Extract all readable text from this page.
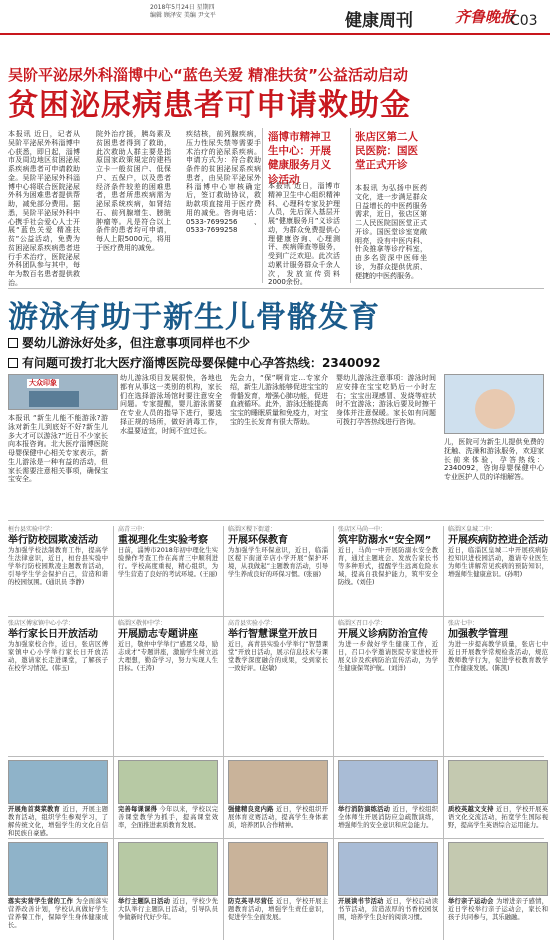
2018年5月24日 星期四
编辑 顾泽安 美编 尹文平	健康周刊	齐鲁晚报
C03
吴阶平泌尿外科淄博中心“蓝色关爱 精准扶贫”公益活动启动
贫困泌尿病患者可申请救助金
本报讯 近日，记者从吴阶平泌尿外科淄博中心获悉，即日起，淄博市及周边地区贫困泌尿系疾病患者可申请救助金。吴阶平泌尿外科淄博中心将联合医院泌尿外科为困难患者提供帮助，减免部分费用。据悉，吴阶平泌尿外科中心携手社会爱心人士开展“蓝色关爱 精准扶贫”公益活动，免费为贫困泌尿系疾病患者进行手术治疗，医院泌尿外科团队参与其中，每年为数百名患者提供救治。
院外治疗援，胰岛素及贫困患者得到了救助，此次救助人群主要是指原国家政策規定的建档立卡一般贫困户、低保户、五保户，以及患者经济条件较差的困难患者，患者所患疾病需为泌尿系统疾病，如肾结石、前列腺增生、膀胱肿瘤等。凡是符合以上条件的患者均可申请，每人上限5000元，将用于医疗费用的减免。
疾结核，前列腺疾病，压力性尿失禁等需要手术治疗的泌尿系疾病。申请方式为：符合救助条件的贫困泌尿系疾病患者，由吴阶平泌尿外科淄博中心审核确定后，签订救助协议，救助款项直接用于医疗费用的减免。咨询电话：0533-7699256、0533-7699258
淄博市精神卫生中心：开展健康服务月义诊活动
本报讯 近日，淄博市精神卫生中心组织精神科、心理科专家及护理人员，先后深入基层开展“健康服务月”义诊活动，为群众免费提供心理健康咨询、心理测评、疾病筛查等服务，受到广泛欢迎。此次活动累计服务群众千余人次，发放宣传资料2000余份。
张店区第二人民医院：国医堂正式开诊
本报讯 为弘扬中医药文化，进一步满足群众日益增长的中医药服务需求，近日，张店区第二人民医院国医堂正式开诊。国医堂诊室宽敞明亮，设有中医内科、针灸推拿等诊疗科室，由多名资深中医师坐诊，为群众提供优质、便捷的中医药服务。
游泳有助于新生儿骨骼发育
婴幼儿游泳好处多，但注意事项同样也不少
有问题可拨打北大医疗淄博医院母婴保健中心孕答热线：2340092
大众印象
本报讯 “新生儿能不能游泳?游泳对新生儿到底好不好?新生儿多大才可以游泳?”近日不少家长向本报咨询。北大医疗淄博医院母婴保健中心相关专家表示，新生儿游泳是一种有益的活动，但家长需要注意相关事项，确保宝宝安全。
幼儿游泳项目发展很快，各地也都有从事这一类别的机构，家长们在选择游泳场馆时要注意安全问题。专家提醒，婴儿游泳需要在专业人员的指导下进行，要选择正规的场所，做好消毒工作，水温要适宜，时间不宜过长。
先会力，“保”啊肯定…专家介绍，新生儿游泳能够促进宝宝的骨骼发育，增强心肺功能，促进血液循环。此外，游泳还能提高宝宝的睡眠质量和免疫力，对宝宝的生长发育有很大帮助。
婴幼儿游泳注意事项：游泳时间应安排在宝宝吃奶后一小时左右；宝宝出现感冒、发烧等症状时不宜游泳；游泳后要及时擦干身体并注意保暖。家长如有问题可拨打孕答热线进行咨询。
儿，医院可为新生儿提供免费的抚触、洗澡和游泳服务，欢迎家长前来体验，孕答热线：2340092，咨询母婴保健中心专业医护人员的详细解答。
桓台县实验中学：
举行防校园欺凌活动
为加强学校法制教育工作，提高学生法律意识，近日，桓台县实验中学举行防校园欺凌主题教育活动，引导学生学会保护自己，营造和谐的校园氛围。(通讯员 李静)
高青三中：
重视理化生实验考察
日前，淄博市2018年初中理化生实验操作考查工作在高青三中顺利进行。学校高度重视，精心组织，为学生营造了良好的考试环境。(王丽)
临淄区稷下街道：
开展环保教育
为加强学生环保意识，近日，临淄区稷下街道辛店小学开展“保护环境，从我做起”主题教育活动，引导学生养成良好的环保习惯。(张丽)
张店区马尚一中：
筑牢防溺水“安全网”
近日，马尚一中开展防溺水安全教育，通过主题班会、发放告家长书等多种形式，提醒学生远离危险水域，提高自我保护能力，筑牢安全防线。(刘佳)
临淄区皇城二中：
开展疾病防控进企活动
近日，临淄区皇城二中开展疾病防控知识进校园活动，邀请专业医生为师生讲解常见疾病的预防知识，增强师生健康意识。(孙明)
张店区傅家镇中心小学：
举行家长日开放活动
为加强家校合作，近日，张店区傅家镇中心小学举行家长日开放活动，邀请家长走进课堂，了解孩子在校学习情况。(韩玉)
临淄区敬仲中学：
开展励志专题讲座
近日，敬仲中学举行“感恩父母，励志成才”专题讲座，激励学生树立远大理想，勤奋学习，努力实现人生目标。(王涛)
高青县实验小学：
举行智慧课堂开放日
近日，高青县实验小学举行“智慧课堂”开放日活动，展示信息技术与课堂教学深度融合的成果，受到家长一致好评。(赵敏)
临淄区召口小学：
开展义诊病防治宣传
为进一步做好学生健康工作，近日，召口小学邀请医院专家进校开展义诊及疾病防治宣传活动，为学生健康保驾护航。(刘洋)
张店七中：
加强教学管理
为进一步提高教学质量，张店七中近日开展教学常规检查活动，规范教师教学行为，促进学校教育教学工作健康发展。(陈凯)
开展角首葵菜教育 近日，开展主题教育活动，组织学生参观学习，了解传统文化，增强学生的文化自信和民族自豪感。
完善每课课得 今年以来，学校以完善课堂教学为抓手，提高课堂效率，全面推进素质教育发展。
强健精良竞内路 近日，学校组织开展体育竞赛活动，提高学生身体素质，培养团队合作精神。
举行消防演练活动 近日，学校组织全体师生开展消防应急疏散演练，增强师生的安全意识和应急能力。
质校英越文支持 近日，学校开展英语文化交流活动，拓宽学生国际视野，提高学生英语综合运用能力。
落实实营学生营的工作 为全面落实营养改善计划，学校认真做好学生营养餐工作，保障学生身体健康成长。
举行主题队日活动 近日，学校少先大队举行主题队日活动，引导队员争做新时代好少年。
防克英寻尽营任 近日，学校开展主题教育活动，增强学生责任意识，促进学生全面发展。
开展读书节活动 近日，学校启动读书节活动，营造浓厚的书香校园氛围，培养学生良好的阅读习惯。
举行亲子运动会 为增进亲子感情，近日学校举行亲子运动会，家长和孩子共同参与，其乐融融。
